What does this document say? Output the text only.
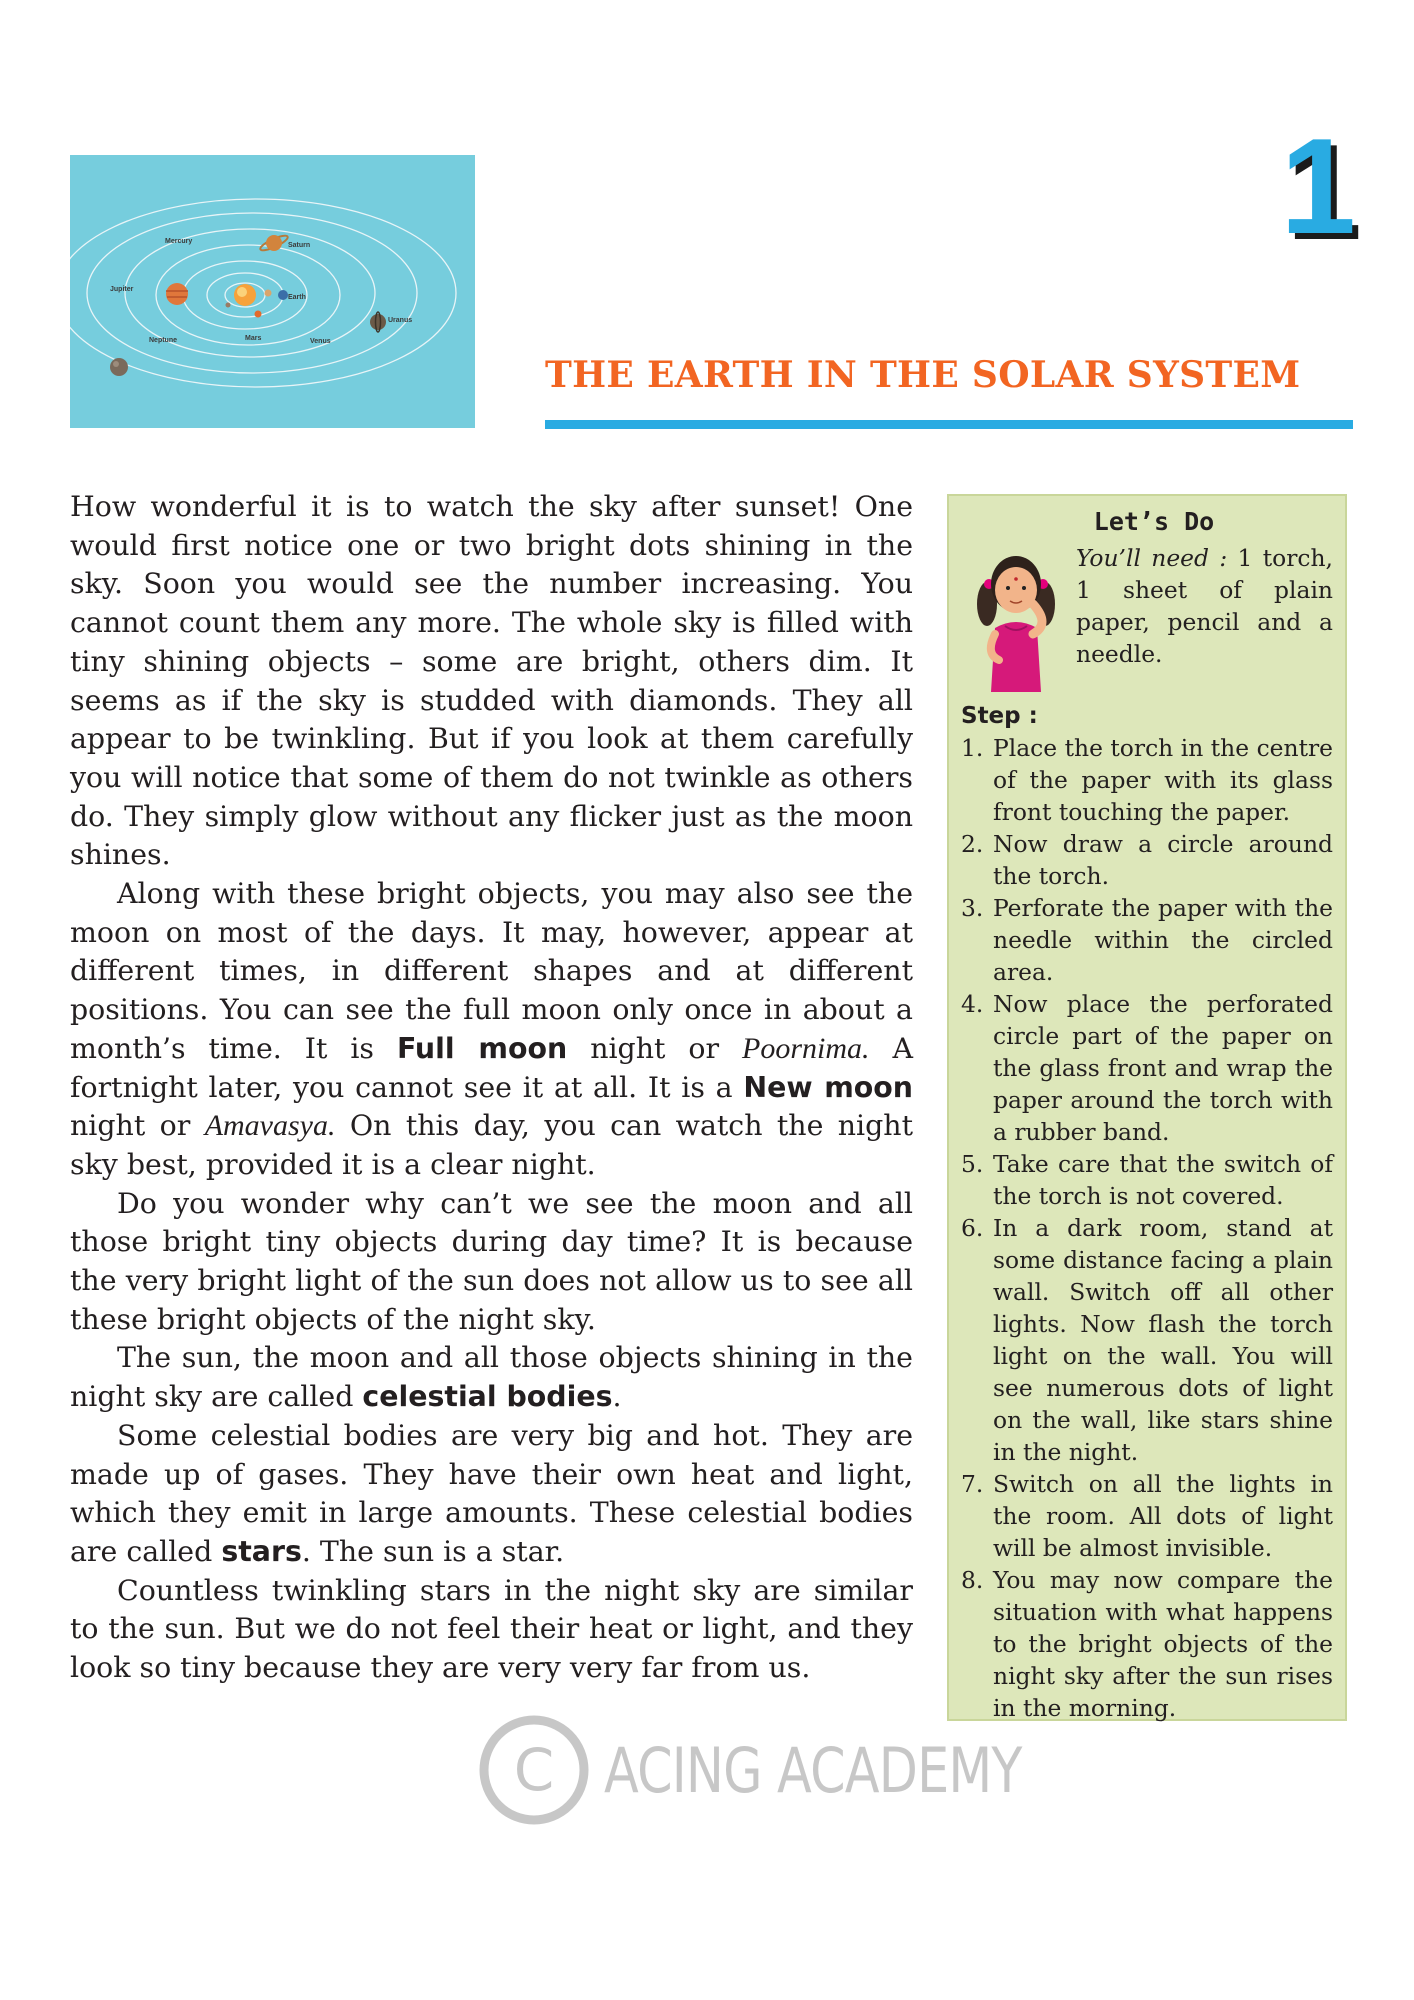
Mercury
Saturn
Jupiter
Earth
Uranus
Neptune	Mars	Venus
1
THE EARTH IN THE SOLAR SYSTEM

How wonderful it is to watch the sky after sunset! One would first notice one or two bright dots shining in the sky. Soon you would see the number increasing. You cannot count them any more. The whole sky is filled with tiny shining objects – some are bright, others dim. It seems as if the sky is studded with diamonds. They all appear to be twinkling. But if you look at them carefully you will notice that some of them do not twinkle as others do. They simply glow without any flicker just as the moon shines.

Along with these bright objects, you may also see the moon on most of the days. It may, however, appear at different times, in different shapes and at different positions. You can see the full moon only once in about a month’s time. It is Full moon night or Poornima. A fortnight later, you cannot see it at all. It is a New moon night or Amavasya. On this day, you can watch the night sky best, provided it is a clear night.

Do you wonder why can’t we see the moon and all those bright tiny objects during day time? It is because the very bright light of the sun does not allow us to see all these bright objects of the night sky.

The sun, the moon and all those objects shining in the night sky are called celestial bodies.

Some celestial bodies are very big and hot. They are made up of gases. They have their own heat and light, which they emit in large amounts. These celestial bodies are called stars. The sun is a star.

Countless twinkling stars in the night sky are similar to the sun. But we do not feel their heat or light, and they look so tiny because they are very very far from us.

Let’s Do
You’ll need : 1 torch, 1 sheet of plain paper, pencil and a needle.
Step :
1. Place the torch in the centre of the paper with its glass front touching the paper.
2. Now draw a circle around the torch.
3. Perforate the paper with the needle within the circled area.
4. Now place the perforated circle part of the paper on the glass front and wrap the paper around the torch with a rubber band.
5. Take care that the switch of the torch is not covered.
6. In a dark room, stand at some distance facing a plain wall. Switch off all other lights. Now flash the torch light on the wall. You will see numerous dots of light on the wall, like stars shine in the night.
7. Switch on all the lights in the room. All dots of light will be almost invisible.
8. You may now compare the situation with what happens to the bright objects of the night sky after the sun rises in the morning.
C ACING ACADEMY
